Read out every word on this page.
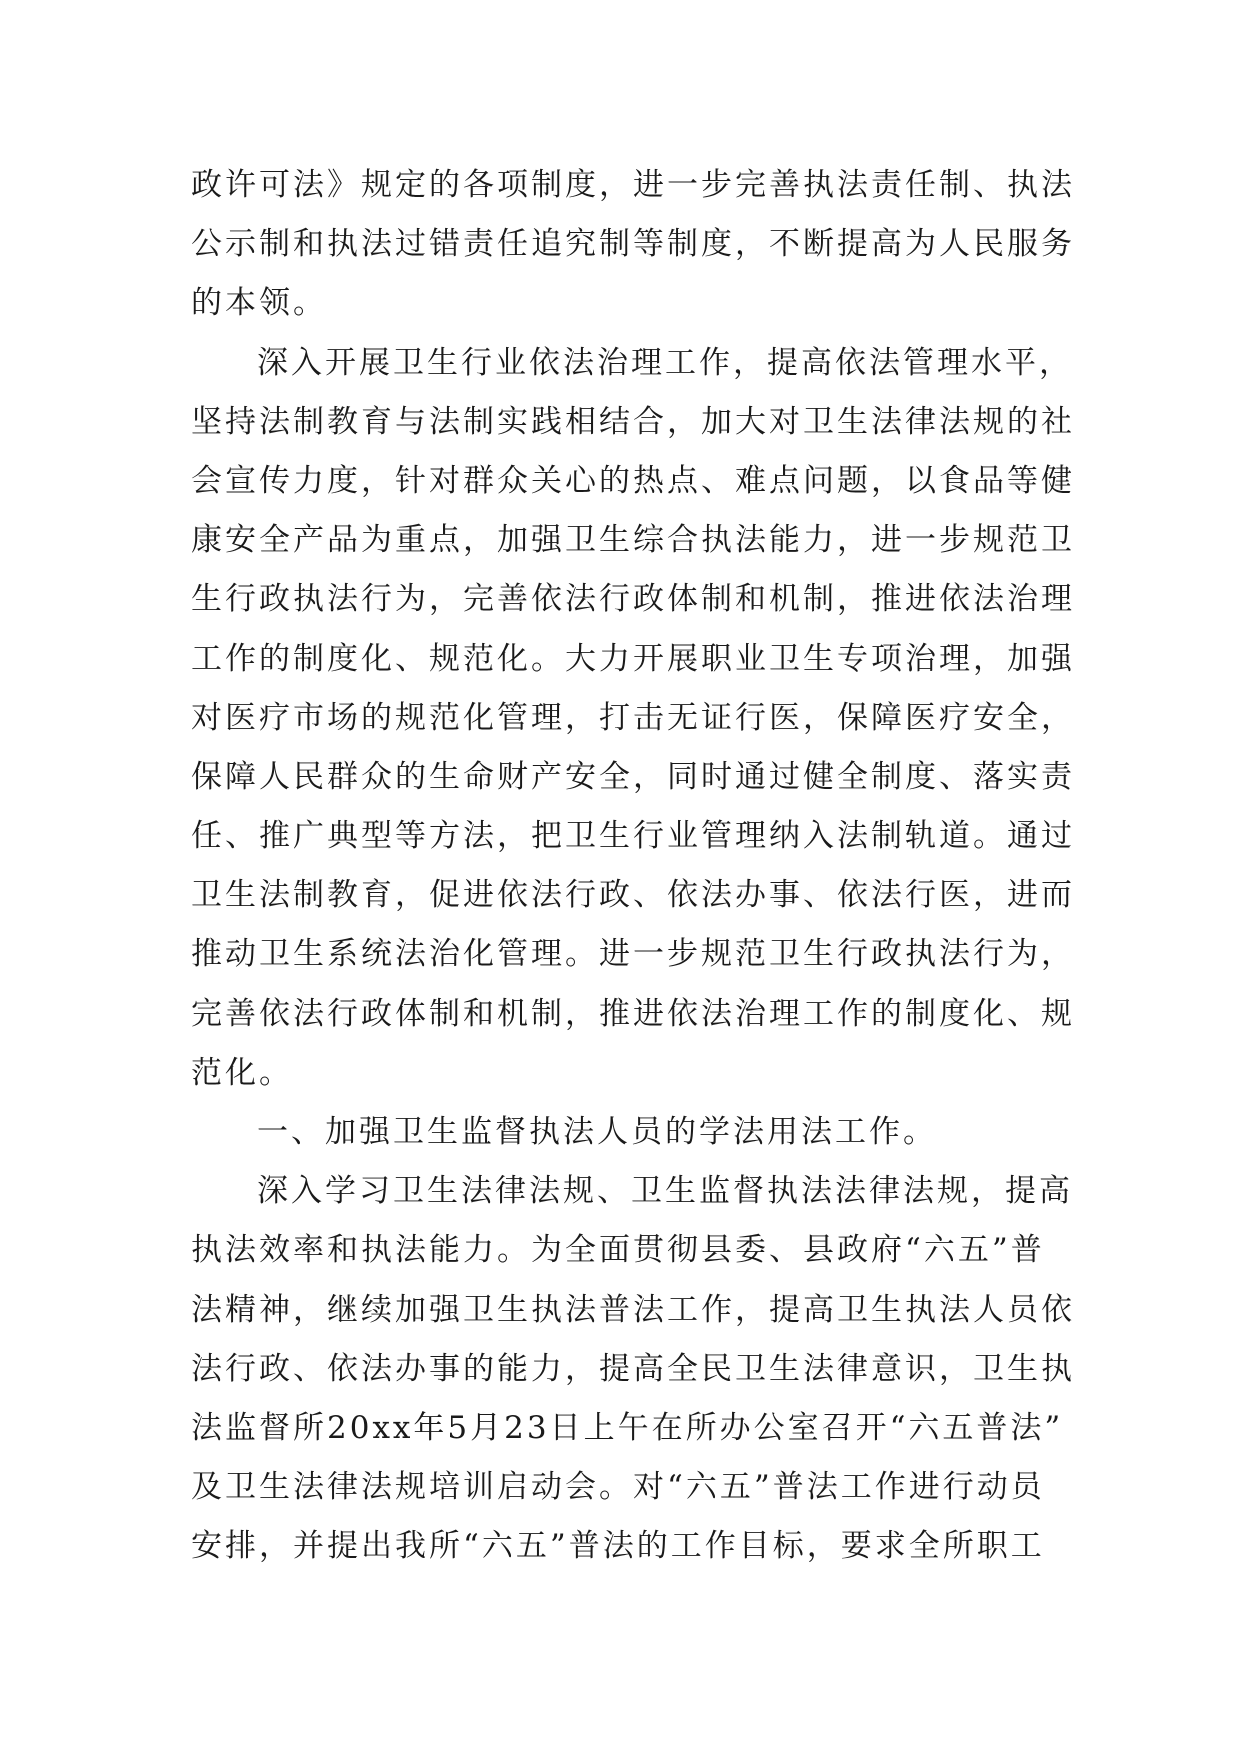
政许可法》规定的各项制度，进一步完善执法责任制、执法
公示制和执法过错责任追究制等制度，不断提高为人民服务
的本领。
深入开展卫生行业依法治理工作，提高依法管理水平，
坚持法制教育与法制实践相结合，加大对卫生法律法规的社
会宣传力度，针对群众关心的热点、难点问题，以食品等健
康安全产品为重点，加强卫生综合执法能力，进一步规范卫
生行政执法行为，完善依法行政体制和机制，推进依法治理
工作的制度化、规范化。大力开展职业卫生专项治理，加强
对医疗市场的规范化管理，打击无证行医，保障医疗安全，
保障人民群众的生命财产安全，同时通过健全制度、落实责
任、推广典型等方法，把卫生行业管理纳入法制轨道。通过
卫生法制教育，促进依法行政、依法办事、依法行医，进而
推动卫生系统法治化管理。进一步规范卫生行政执法行为，
完善依法行政体制和机制，推进依法治理工作的制度化、规
范化。
一、加强卫生监督执法人员的学法用法工作。
深入学习卫生法律法规、卫生监督执法法律法规，提高
执法效率和执法能力。为全面贯彻县委、县政府“六五”普
法精神，继续加强卫生执法普法工作，提高卫生执法人员依
法行政、依法办事的能力，提高全民卫生法律意识，卫生执
法监督所20xx年5月23日上午在所办公室召开“六五普法”
及卫生法律法规培训启动会。对“六五”普法工作进行动员
安排，并提出我所“六五”普法的工作目标，要求全所职工
